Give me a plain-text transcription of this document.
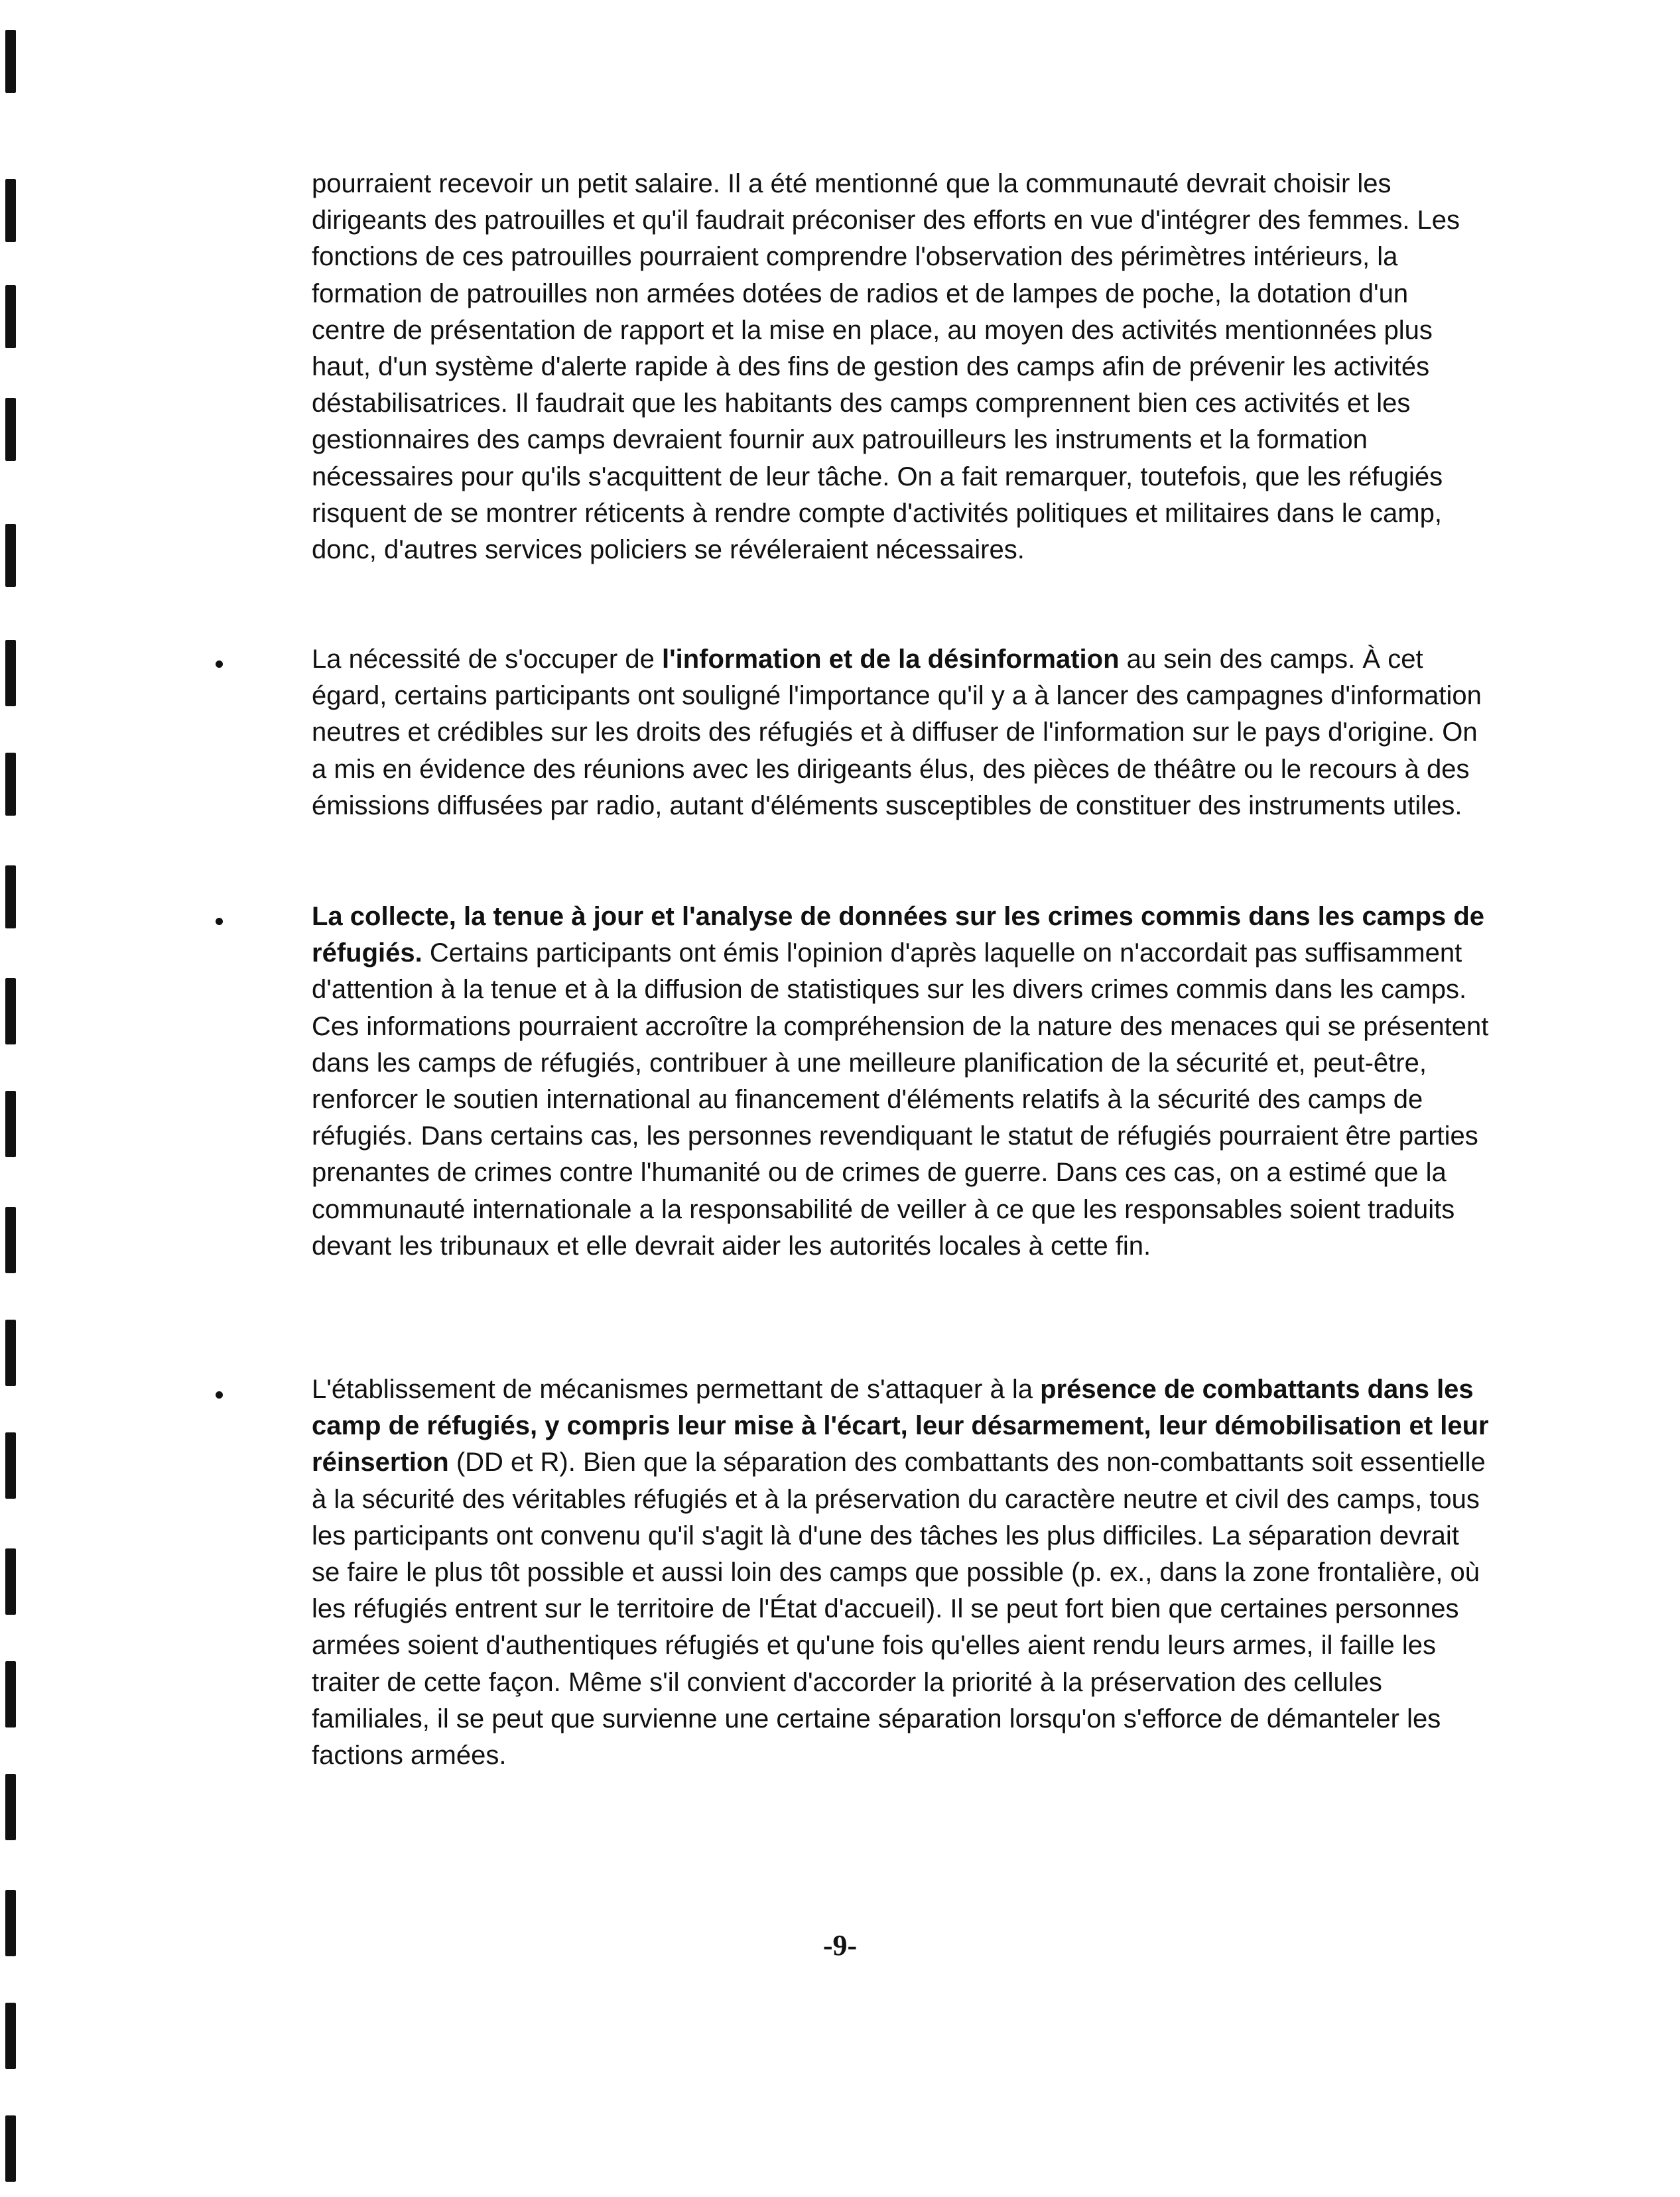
pourraient recevoir un petit salaire. Il a été mentionné que la communauté devrait choisir les dirigeants des patrouilles et qu'il faudrait préconiser des efforts en vue d'intégrer des femmes. Les fonctions de ces patrouilles pourraient comprendre l'observation des périmètres intérieurs, la formation de patrouilles non armées dotées de radios et de lampes de poche, la dotation d'un centre de présentation de rapport et la mise en place, au moyen des activités mentionnées plus haut, d'un système d'alerte rapide à des fins de gestion des camps afin de prévenir les activités déstabilisatrices. Il faudrait que les habitants des camps comprennent bien ces activités et les gestionnaires des camps devraient fournir aux patrouilleurs les instruments et la formation nécessaires pour qu'ils s'acquittent de leur tâche. On a fait remarquer, toutefois, que les réfugiés risquent de se montrer réticents à rendre compte d'activités politiques et militaires dans le camp, donc, d'autres services policiers se révéleraient nécessaires.

La nécessité de s'occuper de l'information et de la désinformation au sein des camps. À cet égard, certains participants ont souligné l'importance qu'il y a à lancer des campagnes d'information neutres et crédibles sur les droits des réfugiés et à diffuser de l'information sur le pays d'origine. On a mis en évidence des réunions avec les dirigeants élus, des pièces de théâtre ou le recours à des émissions diffusées par radio, autant d'éléments susceptibles de constituer des instruments utiles.

La collecte, la tenue à jour et l'analyse de données sur les crimes commis dans les camps de réfugiés. Certains participants ont émis l'opinion d'après laquelle on n'accordait pas suffisamment d'attention à la tenue et à la diffusion de statistiques sur les divers crimes commis dans les camps. Ces informations pourraient accroître la compréhension de la nature des menaces qui se présentent dans les camps de réfugiés, contribuer à une meilleure planification de la sécurité et, peut-être, renforcer le soutien international au financement d'éléments relatifs à la sécurité des camps de réfugiés. Dans certains cas, les personnes revendiquant le statut de réfugiés pourraient être parties prenantes de crimes contre l'humanité ou de crimes de guerre. Dans ces cas, on a estimé que la communauté internationale a la responsabilité de veiller à ce que les responsables soient traduits devant les tribunaux et elle devrait aider les autorités locales à cette fin.

L'établissement de mécanismes permettant de s'attaquer à la présence de combattants dans les camp de réfugiés, y compris leur mise à l'écart, leur désarmement, leur démobilisation et leur réinsertion (DD et R). Bien que la séparation des combattants des non-combattants soit essentielle à la sécurité des véritables réfugiés et à la préservation du caractère neutre et civil des camps, tous les participants ont convenu qu'il s'agit là d'une des tâches les plus difficiles. La séparation devrait se faire le plus tôt possible et aussi loin des camps que possible (p. ex., dans la zone frontalière, où les réfugiés entrent sur le territoire de l'État d'accueil). Il se peut fort bien que certaines personnes armées soient d'authentiques réfugiés et qu'une fois qu'elles aient rendu leurs armes, il faille les traiter de cette façon. Même s'il convient d'accorder la priorité à la préservation des cellules familiales, il se peut que survienne une certaine séparation lorsqu'on s'efforce de démanteler les factions armées.

-9-
